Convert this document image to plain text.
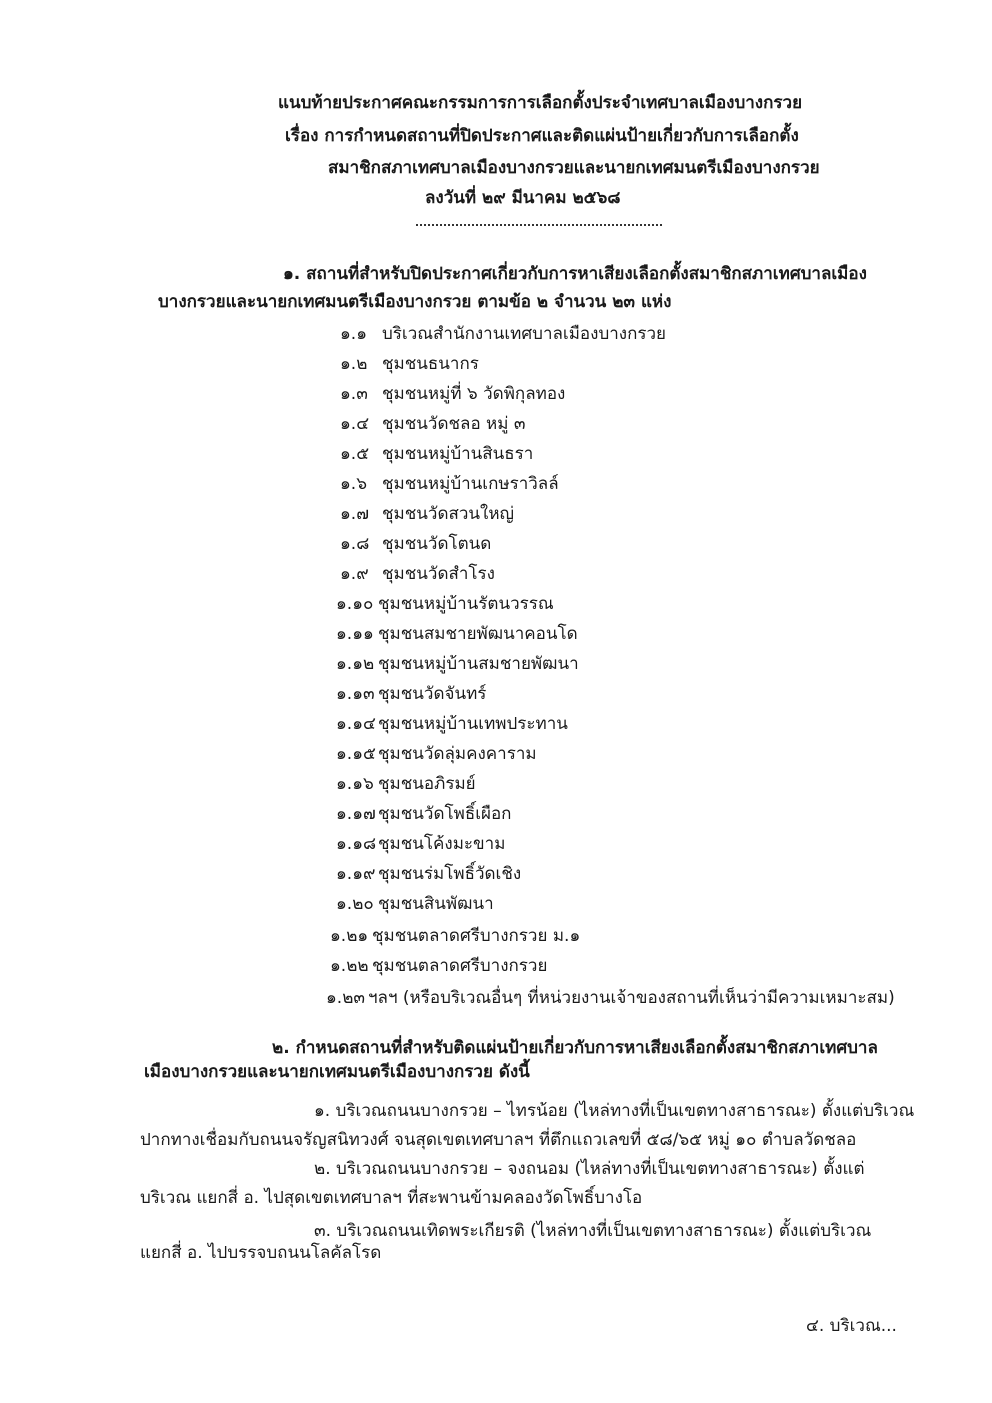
แนบท้ายประกาศคณะกรรมการการเลือกตั้งประจำเทศบาลเมืองบางกรวย
เรื่อง การกำหนดสถานที่ปิดประกาศและติดแผ่นป้ายเกี่ยวกับการเลือกตั้ง
สมาชิกสภาเทศบาลเมืองบางกรวยและนายกเทศมนตรีเมืองบางกรวย
ลงวันที่ ๒๙ มีนาคม ๒๕๖๘
๑. สถานที่สำหรับปิดประกาศเกี่ยวกับการหาเสียงเลือกตั้งสมาชิกสภาเทศบาลเมือง
บางกรวยและนายกเทศมนตรีเมืองบางกรวย ตามข้อ ๒ จำนวน ๒๓ แห่ง
๑.๑ บริเวณสำนักงานเทศบาลเมืองบางกรวย
๑.๒ ชุมชนธนากร
๑.๓ ชุมชนหมู่ที่ ๖ วัดพิกุลทอง
๑.๔ ชุมชนวัดชลอ หมู่ ๓
๑.๕ ชุมชนหมู่บ้านสินธรา
๑.๖ ชุมชนหมู่บ้านเกษราวิลล์
๑.๗ ชุมชนวัดสวนใหญ่
๑.๘ ชุมชนวัดโตนด
๑.๙ ชุมชนวัดสำโรง
๑.๑๐ ชุมชนหมู่บ้านรัตนวรรณ
๑.๑๑ ชุมชนสมชายพัฒนาคอนโด
๑.๑๒ ชุมชนหมู่บ้านสมชายพัฒนา
๑.๑๓ ชุมชนวัดจันทร์
๑.๑๔ ชุมชนหมู่บ้านเทพประทาน
๑.๑๕ ชุมชนวัดลุ่มคงคาราม
๑.๑๖ ชุมชนอภิรมย์
๑.๑๗ ชุมชนวัดโพธิ์เผือก
๑.๑๘ ชุมชนโค้งมะขาม
๑.๑๙ ชุมชนร่มโพธิ์วัดเชิง
๑.๒๐ ชุมชนสินพัฒนา
๑.๒๑ ชุมชนตลาดศรีบางกรวย ม.๑
๑.๒๒ ชุมชนตลาดศรีบางกรวย
๑.๒๓ ฯลฯ (หรือบริเวณอื่นๆ ที่หน่วยงานเจ้าของสถานที่เห็นว่ามีความเหมาะสม)
๒. กำหนดสถานที่สำหรับติดแผ่นป้ายเกี่ยวกับการหาเสียงเลือกตั้งสมาชิกสภาเทศบาล
เมืองบางกรวยและนายกเทศมนตรีเมืองบางกรวย ดังนี้
๑. บริเวณถนนบางกรวย – ไทรน้อย (ไหล่ทางที่เป็นเขตทางสาธารณะ) ตั้งแต่บริเวณ
ปากทางเชื่อมกับถนนจรัญสนิทวงศ์ จนสุดเขตเทศบาลฯ ที่ตึกแถวเลขที่ ๕๘/๖๕ หมู่ ๑๐ ตำบลวัดชลอ
๒. บริเวณถนนบางกรวย – จงถนอม (ไหล่ทางที่เป็นเขตทางสาธารณะ) ตั้งแต่
บริเวณ แยกสี่ อ. ไปสุดเขตเทศบาลฯ ที่สะพานข้ามคลองวัดโพธิ์บางโอ
๓. บริเวณถนนเทิดพระเกียรติ (ไหล่ทางที่เป็นเขตทางสาธารณะ) ตั้งแต่บริเวณ
แยกสี่ อ. ไปบรรจบถนนโลคัลโรด
๔. บริเวณ...
